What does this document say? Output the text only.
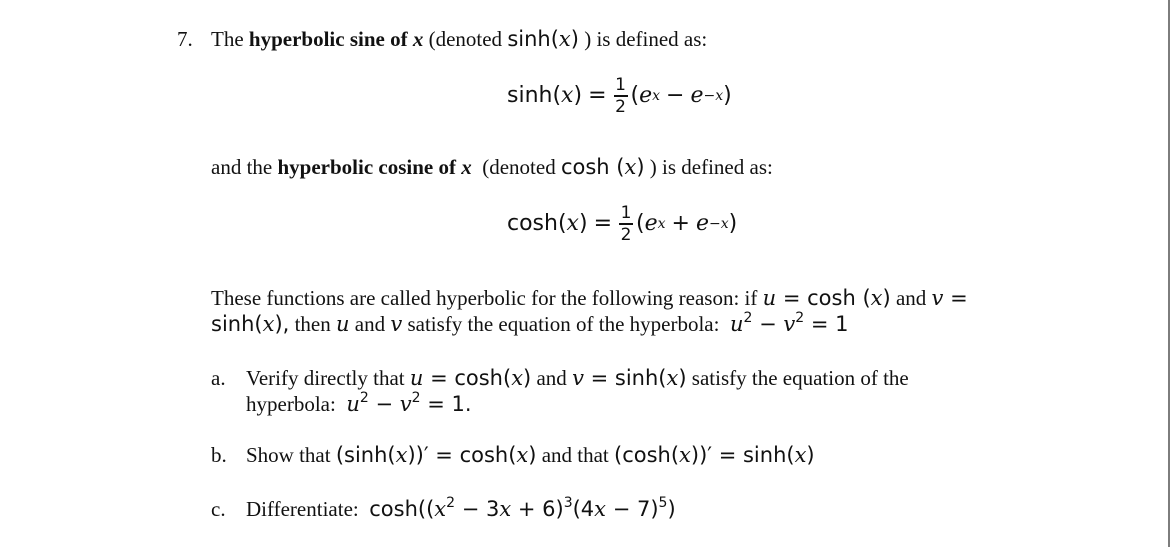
7. The hyperbolic sine of x (denoted sinh(x) ) is defined as:
sinh( x ) = $\frac{1}{2}$ ( e x − e −x )
and the hyperbolic cosine of x  (denoted cosh (x) ) is defined as:
cosh( x ) = $\frac{1}{2}$ ( e x + e −x )
These functions are called hyperbolic for the following reason: if u = cosh (x) and v =
sinh(x), then u and v satisfy the equation of the hyperbola:  $u^2 - v^2 = 1$
a. Verify directly that u = cosh(x) and v = sinh(x) satisfy the equation of the
hyperbola:  $u^2 - v^2 = 1$.
b. Show that (sinh(x))′ = cosh(x) and that (cosh(x))′ = sinh(x)
c. Differentiate:  $\cosh((x^2 - 3x + 6)^3(4x - 7)^5)$
